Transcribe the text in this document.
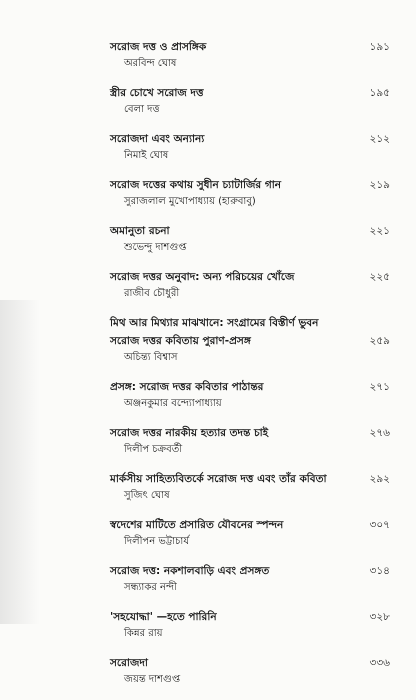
সরোজ দত্ত ও প্রাসঙ্গিক	১৯১
অরবিন্দ ঘোষ
স্ত্রীর চোখে সরোজ দত্ত	১৯৫
বেলা দত্ত
সরোজদা এবং অন্যান্য	২১২
নিমাই ঘোষ
সরোজ দত্তের কথায় সুধীন চ্যাটার্জির গান	২১৯
সুরাজলাল মুখোপাধ্যায় (হারুবাবু)
অমানুতা রচনা	২২১
শুভেন্দু দাশগুপ্ত
সরোজ দত্তর অনুবাদ: অন্য পরিচয়ের খোঁজে	২২৫
রাজীব চৌধুরী
মিথ আর মিথ্যার মাঝখানে: সংগ্রামের বিস্তীর্ণ ভুবন
সরোজ দত্তর কবিতায় পুরাণ-প্রসঙ্গ	২৫৯
অচিন্ত্য বিশ্বাস
প্রসঙ্গ: সরোজ দত্তর কবিতার পাঠান্তর	২৭১
অঞ্জনকুমার বন্দ্যোপাধ্যায়
সরোজ দত্তর নারকীয় হত্যার তদন্ত চাই	২৭৬
দিলীপ চক্রবর্তী
মার্কসীয় সাহিত্যবিতর্কে সরোজ দত্ত এবং তাঁর কবিতা	২৯২
সুজিৎ ঘোষ
স্বদেশের মাটিতে প্রসারিত যৌবনের স্পন্দন	৩০৭
দিলীপন ভট্টাচার্য
সরোজ দত্ত: নকশালবাড়ি এবং প্রসঙ্গত	৩১৪
সন্ধ্যাকর নন্দী
'সহযোদ্ধা' —হতে পারিনি	৩২৮
কিন্নর রায়
সরোজদা	৩৩৬
জয়ন্ত দাশগুপ্ত
